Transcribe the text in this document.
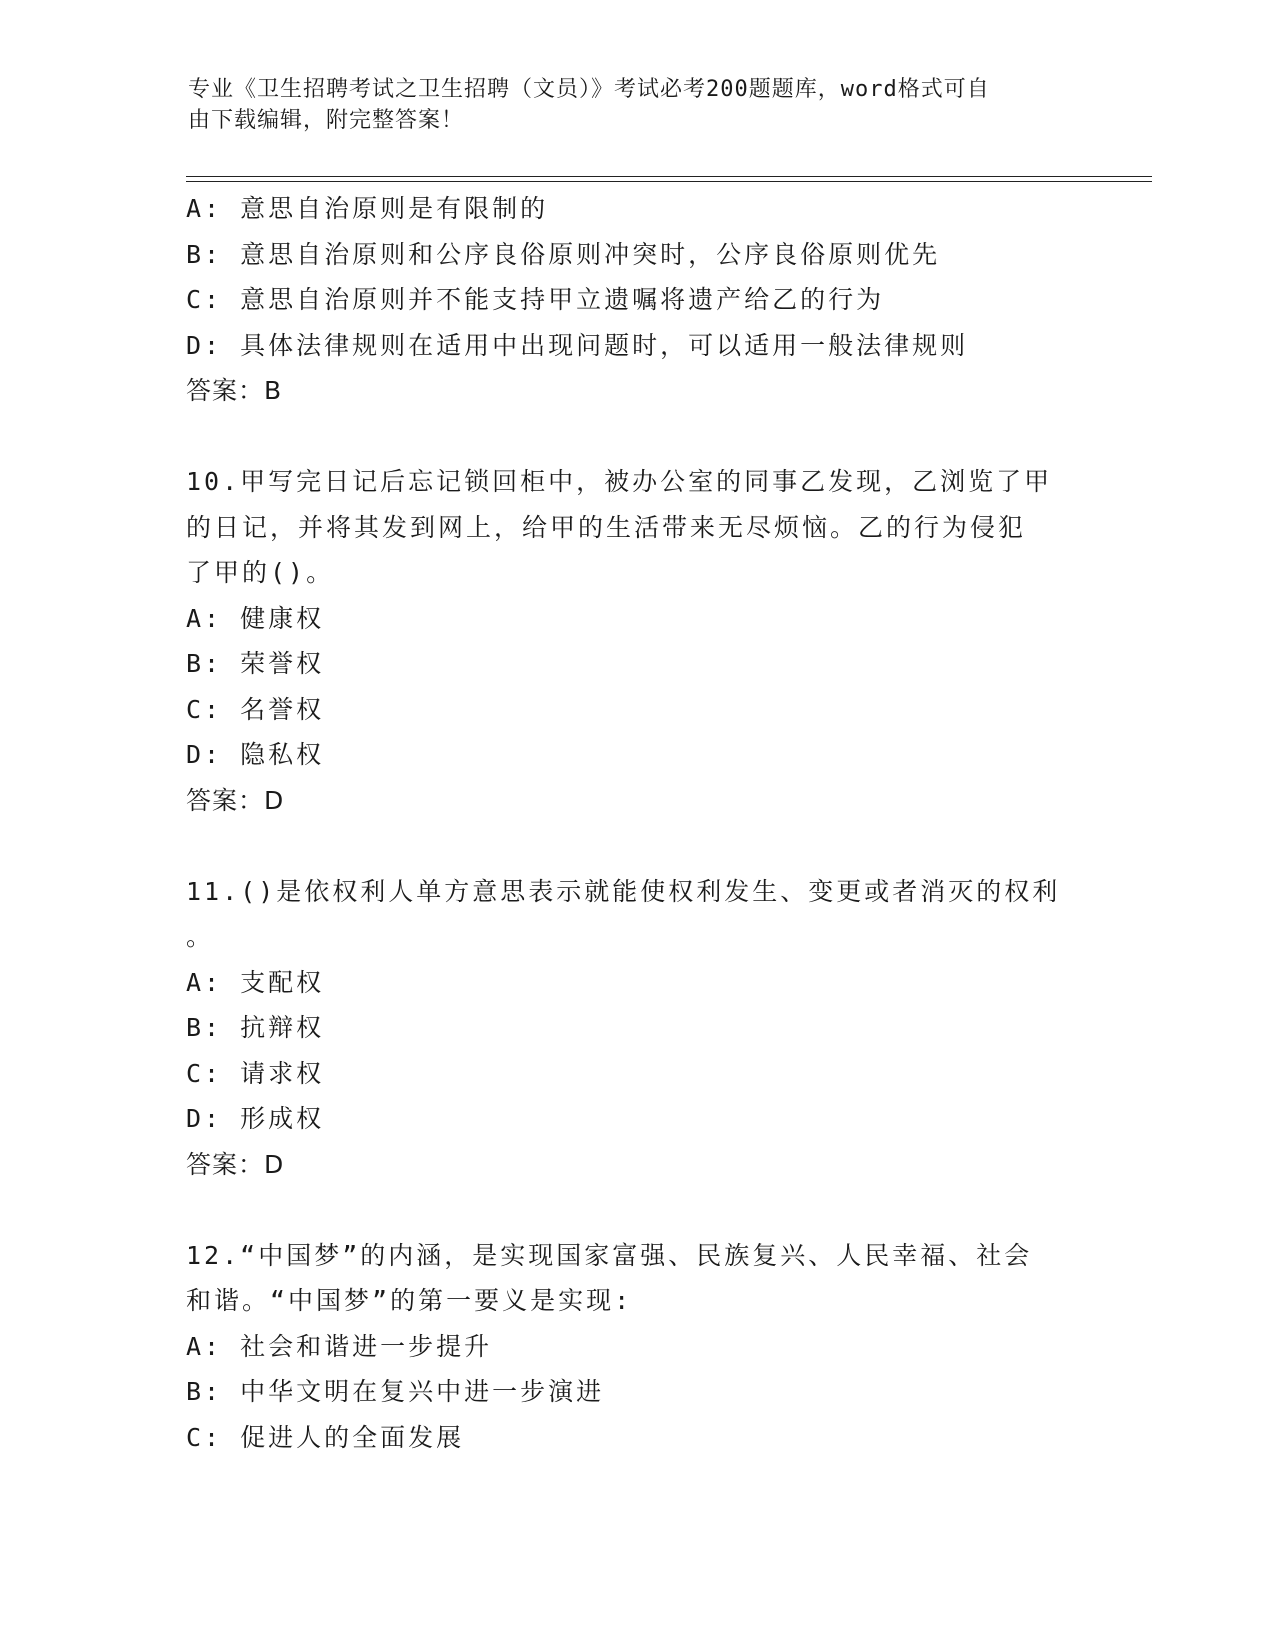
专业《卫生招聘考试之卫生招聘（文员）》考试必考200题题库，word格式可自
由下载编辑，附完整答案！
A: 意思自治原则是有限制的
B: 意思自治原则和公序良俗原则冲突时，公序良俗原则优先
C: 意思自治原则并不能支持甲立遗嘱将遗产给乙的行为
D: 具体法律规则在适用中出现问题时，可以适用一般法律规则
答案：B
10.甲写完日记后忘记锁回柜中，被办公室的同事乙发现，乙浏览了甲
的日记，并将其发到网上，给甲的生活带来无尽烦恼。乙的行为侵犯
了甲的()。
A: 健康权
B: 荣誉权
C: 名誉权
D: 隐私权
答案：D
11.()是依权利人单方意思表示就能使权利发生、变更或者消灭的权利
。
A: 支配权
B: 抗辩权
C: 请求权
D: 形成权
答案：D
12.“中国梦”的内涵，是实现国家富强、民族复兴、人民幸福、社会
和谐。“中国梦”的第一要义是实现:
A: 社会和谐进一步提升
B: 中华文明在复兴中进一步演进
C: 促进人的全面发展
